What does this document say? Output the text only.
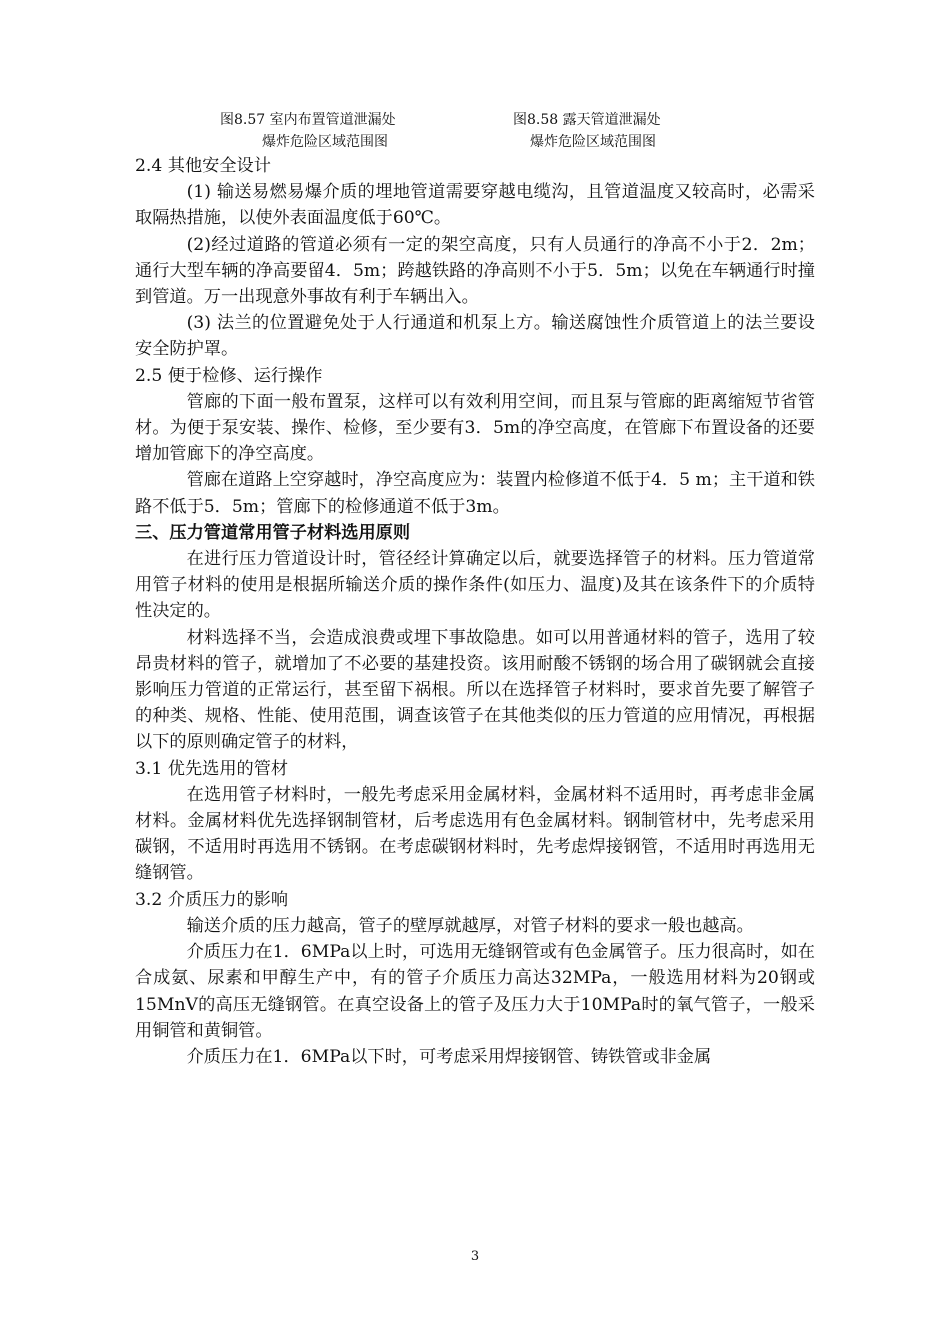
图8.57 室内布置管道泄漏处
爆炸危险区域范围图
图8.58 露天管道泄漏处
爆炸危险区域范围图

2.4 其他安全设计

(1) 输送易燃易爆介质的埋地管道需要穿越电缆沟，且管道温度又较高时，必需采取隔热措施，以使外表面温度低于60℃。

(2)经过道路的管道必须有一定的架空高度，只有人员通行的净高不小于2．2m；通行大型车辆的净高要留4．5m；跨越铁路的净高则不小于5．5m；以免在车辆通行时撞到管道。万一出现意外事故有利于车辆出入。

(3) 法兰的位置避免处于人行通道和机泵上方。输送腐蚀性介质管道上的法兰要设安全防护罩。

2.5 便于检修、运行操作

管廊的下面一般布置泵，这样可以有效利用空间，而且泵与管廊的距离缩短节省管材。为便于泵安装、操作、检修，至少要有3．5m的净空高度，在管廊下布置设备的还要增加管廊下的净空高度。

管廊在道路上空穿越时，净空高度应为：装置内检修道不低于4．5 m；主干道和铁路不低于5．5m；管廊下的检修通道不低于3m。

三、压力管道常用管子材料选用原则

在进行压力管道设计时，管径经计算确定以后，就要选择管子的材料。压力管道常用管子材料的使用是根据所输送介质的操作条件(如压力、温度)及其在该条件下的介质特性决定的。

材料选择不当，会造成浪费或埋下事故隐患。如可以用普通材料的管子，选用了较昂贵材料的管子，就增加了不必要的基建投资。该用耐酸不锈钢的场合用了碳钢就会直接影响压力管道的正常运行，甚至留下祸根。所以在选择管子材料时，要求首先要了解管子的种类、规格、性能、使用范围，调查该管子在其他类似的压力管道的应用情况，再根据以下的原则确定管子的材料，

3.1 优先选用的管材

在选用管子材料时，一般先考虑采用金属材料，金属材料不适用时，再考虑非金属材料。金属材料优先选择钢制管材，后考虑选用有色金属材料。钢制管材中，先考虑采用碳钢，不适用时再选用不锈钢。在考虑碳钢材料时，先考虑焊接钢管，不适用时再选用无缝钢管。

3.2 介质压力的影响

输送介质的压力越高，管子的壁厚就越厚，对管子材料的要求一般也越高。

介质压力在1．6MPa以上时，可选用无缝钢管或有色金属管子。压力很高时，如在合成氨、尿素和甲醇生产中，有的管子介质压力高达32MPa，一般选用材料为20钢或15MnV的高压无缝钢管。在真空设备上的管子及压力大于10MPa时的氧气管子，一般采用铜管和黄铜管。

介质压力在1．6MPa以下时，可考虑采用焊接钢管、铸铁管或非金属

3
